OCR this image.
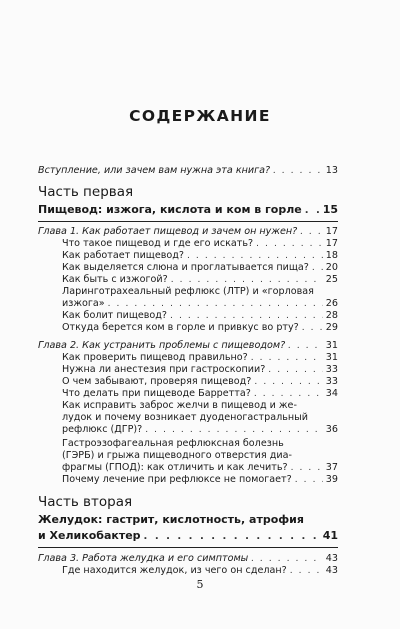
СОДЕРЖАНИЕ
Вступление, или зачем вам нужна эта книга? . . .	13
Часть первая
Пищевод: изжога, кислота и ком в горле . . . 15
Глава 1. Как работает пищевод и зачем он нужен? . . .	17
Что такое пищевод и где его искать? . . .	17
Как работает пищевод? . . .	18
Как выделяется слюна и проглатывается пища? . . . 20
Как быть с изжогой? . . .	25
Ларинготрахеальный рефлюкс (ЛТР) и «горловая
изжога» . . .	26
Как болит пищевод? . . .	28
Откуда берется ком в горле и привкус во рту? . . .	29
Глава 2. Как устранить проблемы с пищеводом? . . .	31
Как проверить пищевод правильно? . . .	31
Нужна ли анестезия при гастроскопии? . . .	33
О чем забывают, проверяя пищевод? . . .	33
Что делать при пищеводе Барретта? . . .	34
Как исправить заброс желчи в пищевод и же-
лудок и почему возникает дуоденогастральный
рефлюкс (ДГР)? . . .	36
Гастроэзофагеальная рефлюксная болезнь
(ГЭРБ) и грыжа пищеводного отверстия диа-
фрагмы (ГПОД): как отличить и как лечить? . . .	37
Почему лечение при рефлюксе не помогает? . . .	39
Часть вторая
Желудок: гастрит, кислотность, атрофия
и Хеликобактер . . .	41
Глава 3. Работа желудка и его симптомы . . .	43
Где находится желудок, из чего он сделан? . . .	43
5
